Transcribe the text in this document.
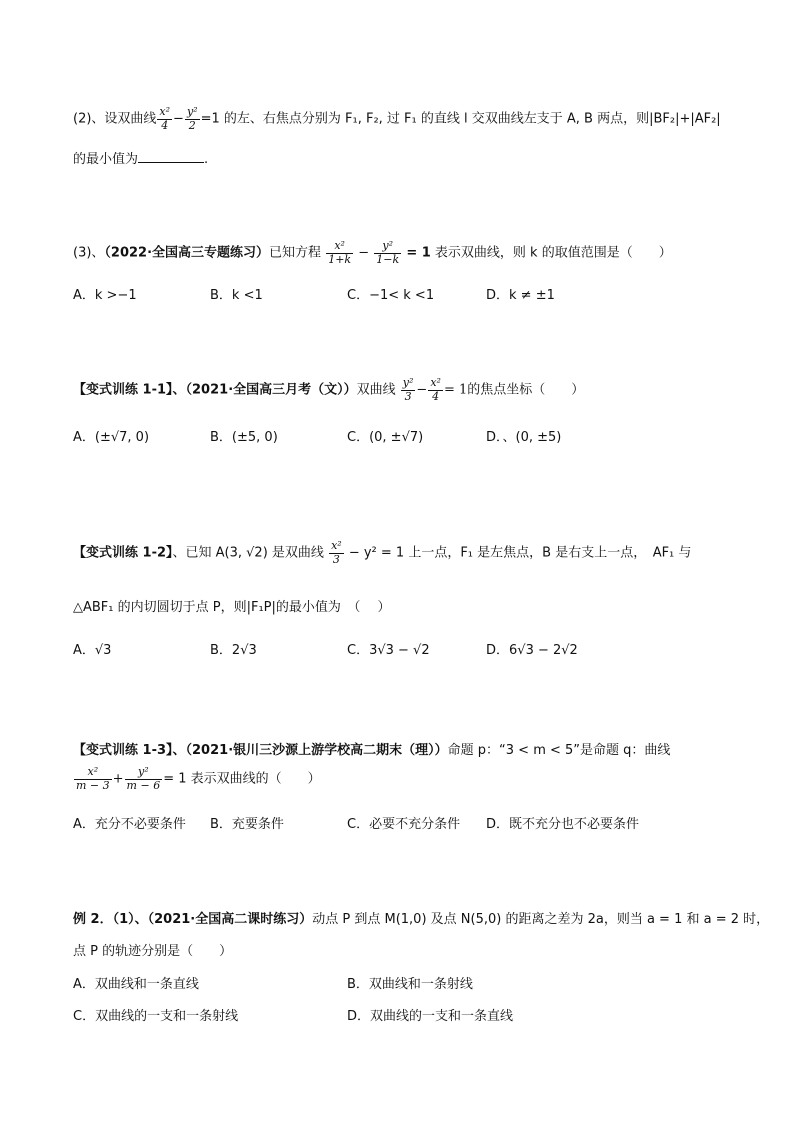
(2)、设双曲线 $\frac{\text{x²}}{4} - \frac{\text{y²}}{2} =1$ 的左、右焦点分别为 F₁, F₂, 过 F₁ 的直线 l 交双曲线左支于 A, B 两点，则|BF₂|+|AF₂|
的最小值为	.
(3)、（2022·全国高三专题练习）已知方程 $\frac{\text{x²}}{1+k} - \frac{\text{y²}}{1-k} = 1$ 表示双曲线，则 k 的取值范围是（　　）
A．k >−1	B．k <1	C．−1< k <1	D．k ≠ ±1
【变式训练 1-1】、（2021·全国高三月考（文））双曲线 $\frac{\text{y²}}{3} - \frac{\text{x²}}{4} = 1$的焦点坐标（　　）
A．(±√7, 0)	B．(±5, 0)	C．(0, ±√7)	D．、(0, ±5)
【变式训练 1-2】、已知 A(3, √2) 是双曲线 $\frac{\text{x²}}{3} - y^2 = 1$ 上一点，F₁ 是左焦点，B 是右支上一点，　AF₁ 与
△ABF₁ 的内切圆切于点 P，则|F₁P|的最小值为　（　 ）
A．√3	B．2√3	C．3√3 − √2	D．6√3 − 2√2
【变式训练 1-3】、（2021·银川三沙源上游学校高二期末（理））命题 p：“3 < m < 5”是命题 q：曲线
$\frac{\text{x²}}{m - 3} + \frac{\text{y²}}{m - 6} = 1$ 表示双曲线的（　　）
A．充分不必要条件 B．充要条件	C．必要不充分条件 D．既不充分也不必要条件
例 2．（1）、（2021·全国高二课时练习）动点 P 到点 M(1,0) 及点 N(5,0) 的距离之差为 2a，则当 a = 1 和 a = 2 时，
点 P 的轨迹分别是（　　）
A．双曲线和一条直线	B．双曲线和一条射线
C．双曲线的一支和一条射线	D．双曲线的一支和一条直线
